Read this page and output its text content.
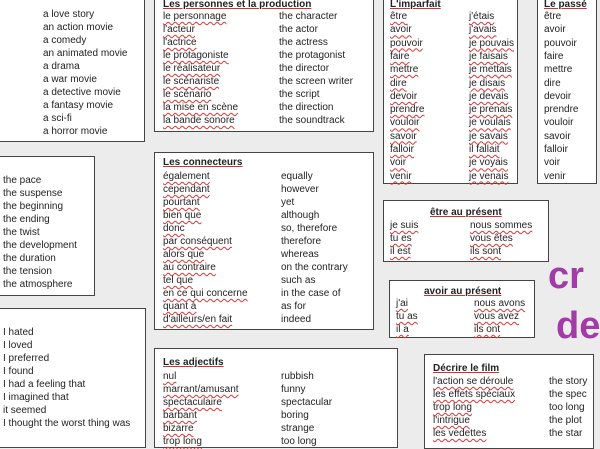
a love story
an action movie
a comedy
an animated movie
a drama
a war movie
a detective movie
a fantasy movie
a sci-fi
a horror movie
Les personnes et la production
le personnage	the character
l'acteur	the actor
l'actrice	the actress
le protagoniste	the protagonist
le réalisateur	the director
le scénariste	the screen writer
le scénario	the script
la mise en scène	the direction
la bande sonore	the soundtrack
L'imparfait
être	j'étais
avoir	j'avais
pouvoir	je pouvais
faire	je faisais
mettre	je mettais
dire	je disais
devoir	je devais
prendre	je prenais
vouloir	je voulais
savoir	je savais
falloir	il fallait
voir	je voyais
venir	je venais
Le passé
être
avoir
pouvoir
faire
mettre
dire
devoir
prendre
vouloir
savoir
falloir
voir
venir
the pace
the suspense
the beginning
the ending
the twist
the development
the duration
the tension
the atmosphere
Les connecteurs
également	equally
cependant	however
pourtant	yet
bien que	although
donc	so, therefore
par conséquent	therefore
alors que	whereas
au contraire	on the contrary
tel que	such as
en ce qui concerne	in the case of
quant à	as for
d'ailleurs/en fait	indeed
être au présent
je suis	nous sommes
tu es	vous êtes
il est	ils sont
avoir au présent
j'ai	nous avons
tu as	vous avez
il a	ils ont
cr
de
I hated
I loved
I preferred
I found
I had a feeling that
I imagined that
it seemed
I thought the worst thing was
Les adjectifs
nul	rubbish
marrant/amusant	funny
spectaculaire	spectacular
barbant	boring
bizarre	strange
trop long	too long
Décrire le film
l'action se déroule	the story
les effets spéciaux	the spec
trop long	too long
l'intrigue	the plot
les vedettes	the star
